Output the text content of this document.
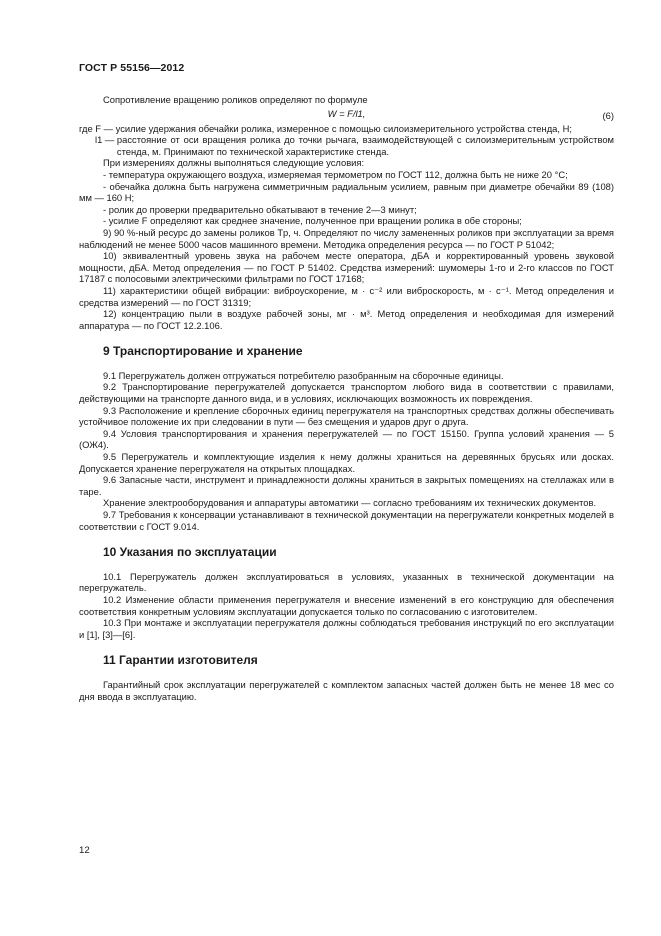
ГОСТ Р 55156—2012

Сопротивление вращению роликов определяют по формуле

W = F/l1,	(6)
где F — усилие удержания обечайки ролика, измеренное с помощью силоизмерительного устройства стенда, Н;
l1 — расстояние от оси вращения ролика до точки рычага, взаимодействующей с силоизмерительным устройством стенда, м. Принимают по технической характеристике стенда.

При измерениях должны выполняться следующие условия:

- температура окружающего воздуха, измеряемая термометром по ГОСТ 112, должна быть не ниже 20 °С;

- обечайка должна быть нагружена симметричным радиальным усилием, равным при диаметре обечайки 89 (108) мм — 160 Н;

- ролик до проверки предварительно обкатывают в течение 2—3 минут;

- усилие F определяют как среднее значение, полученное при вращении ролика в обе стороны;

9) 90 %-ный ресурс до замены роликов Tр, ч. Определяют по числу замененных роликов при эксплуатации за время наблюдений не менее 5000 часов машинного времени. Методика определения ресурса — по ГОСТ Р 51042;

10) эквивалентный уровень звука на рабочем месте оператора, дБА и корректированный уровень звуковой мощности, дБА. Метод определения — по ГОСТ Р 51402. Средства измерений: шумомеры 1-го и 2-го классов по ГОСТ 17187 с полосовыми электрическими фильтрами по ГОСТ 17168;

11) характеристики общей вибрации: виброускорение, м · с⁻² или виброскорость, м · с⁻¹. Метод определения и средства измерений — по ГОСТ 31319;

12) концентрацию пыли в воздухе рабочей зоны, мг · м³. Метод определения и необходимая для измерений аппаратура — по ГОСТ 12.2.106.

9 Транспортирование и хранение

9.1 Перегружатель должен отгружаться потребителю разобранным на сборочные единицы.

9.2 Транспортирование перегружателей допускается транспортом любого вида в соответствии с правилами, действующими на транспорте данного вида, и в условиях, исключающих возможность их повреждения.

9.3 Расположение и крепление сборочных единиц перегружателя на транспортных средствах должны обеспечивать устойчивое положение их при следовании в пути — без смещения и ударов друг о друга.

9.4 Условия транспортирования и хранения перегружателей — по ГОСТ 15150. Группа условий хранения — 5 (ОЖ4).

9.5 Перегружатель и комплектующие изделия к нему должны храниться на деревянных брусьях или досках. Допускается хранение перегружателя на открытых площадках.

9.6 Запасные части, инструмент и принадлежности должны храниться в закрытых помещениях на стеллажах или в таре.

Хранение электрооборудования и аппаратуры автоматики — согласно требованиям их технических документов.

9.7 Требования к консервации устанавливают в технической документации на перегружатели конкретных моделей в соответствии с ГОСТ 9.014.

10 Указания по эксплуатации

10.1 Перегружатель должен эксплуатироваться в условиях, указанных в технической документации на перегружатель.

10.2 Изменение области применения перегружателя и внесение изменений в его конструкцию для обеспечения соответствия конкретным условиям эксплуатации допускается только по согласованию с изготовителем.

10.3 При монтаже и эксплуатации перегружателя должны соблюдаться требования инструкций по его эксплуатации и [1], [3]—[6].

11 Гарантии изготовителя

Гарантийный срок эксплуатации перегружателей с комплектом запасных частей должен быть не менее 18 мес со дня ввода в эксплуатацию.

12
